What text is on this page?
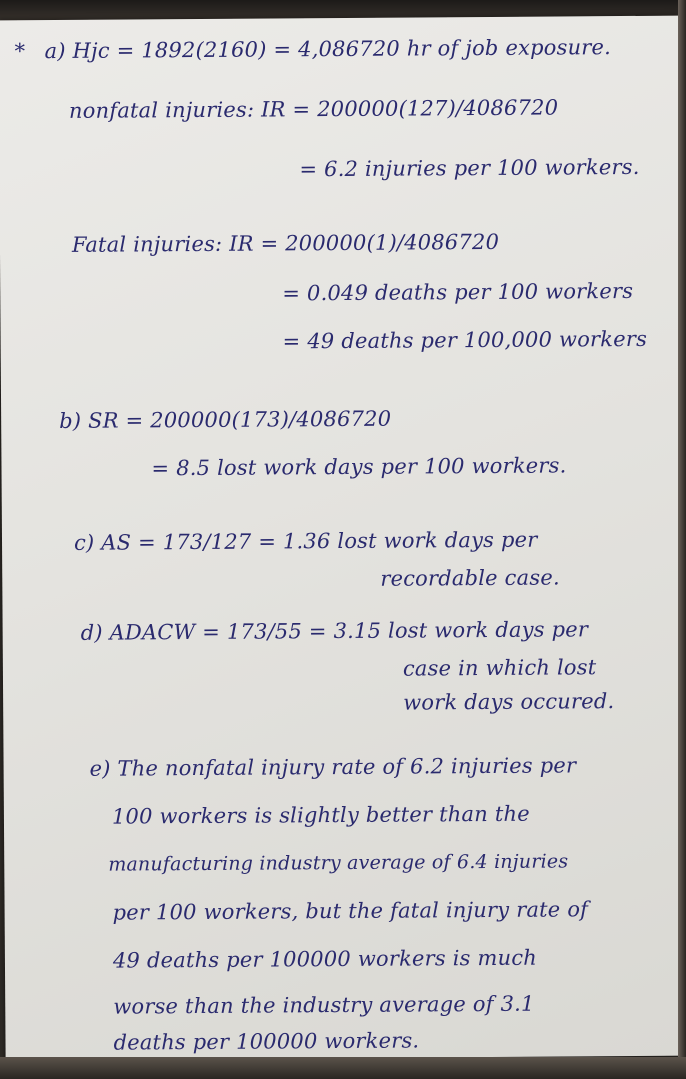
* a) Hjc = 1892(2160) = 4,086720 hr of job exposure.
nonfatal injuries: IR = 200000(127)/4086720
= 6.2 injuries per 100 workers.
Fatal injuries: IR = 200000(1)/4086720
= 0.049 deaths per 100 workers
= 49 deaths per 100,000 workers
b) SR = 200000(173)/4086720
= 8.5 lost work days per 100 workers.
c) AS = 173/127 = 1.36 lost work days per
recordable case.
d) ADACW = 173/55 = 3.15 lost work days per
case in which lost
work days occured.
e) The nonfatal injury rate of 6.2 injuries per
100 workers is slightly better than the
manufacturing industry average of 6.4 injuries
per 100 workers, but the fatal injury rate of
49 deaths per 100000 workers is much
worse than the industry average of 3.1
deaths per 100000 workers.
